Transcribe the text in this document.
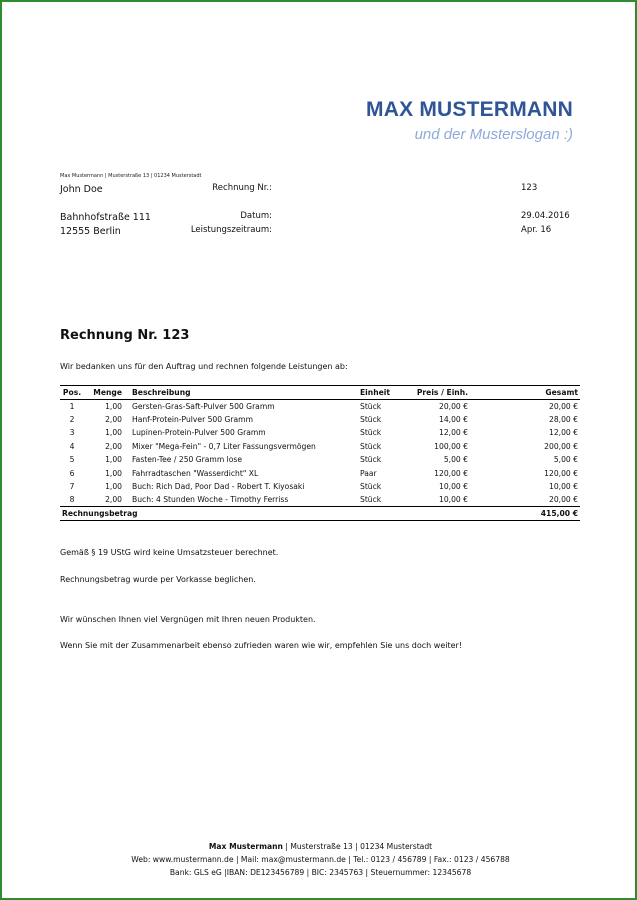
MAX MUSTERMANN
und der Musterslogan :)
Max Mustermann | Musterstraße 13 | 01234 Musterstadt
John Doe
Bahnhofstraße 111
12555 Berlin
Rechnung Nr.:	123
Datum:	29.04.2016
Leistungszeitraum:	Apr. 16
Rechnung Nr. 123
Wir bedanken uns für den Auftrag und rechnen folgende Leistungen ab:
Pos.	Menge	Beschreibung	Einheit	Preis / Einh.	Gesamt
1	1,00	Gersten-Gras-Saft-Pulver 500 Gramm	Stück	20,00 €	20,00 €
2	2,00	Hanf-Protein-Pulver 500 Gramm	Stück	14,00 €	28,00 €
3	1,00	Lupinen-Protein-Pulver 500 Gramm	Stück	12,00 €	12,00 €
4	2,00	Mixer "Mega-Fein" - 0,7 Liter Fassungsvermögen	Stück	100,00 €	200,00 €
5	1,00	Fasten-Tee / 250 Gramm lose	Stück	5,00 €	5,00 €
6	1,00	Fahrradtaschen "Wasserdicht" XL	Paar	120,00 €	120,00 €
7	1,00	Buch: Rich Dad, Poor Dad - Robert T. Kiyosaki	Stück	10,00 €	10,00 €
8	2,00	Buch: 4 Stunden Woche - Timothy Ferriss	Stück	10,00 €	20,00 €
Rechnungsbetrag					415,00 €

Gemäß § 19 UStG wird keine Umsatzsteuer berechnet.

Rechnungsbetrag wurde per Vorkasse beglichen.

Wir wünschen Ihnen viel Vergnügen mit Ihren neuen Produkten.

Wenn Sie mit der Zusammenarbeit ebenso zufrieden waren wie wir, empfehlen Sie uns doch weiter!

Max Mustermann | Musterstraße 13 | 01234 Musterstadt
Web: www.mustermann.de | Mail: max@mustermann.de | Tel.: 0123 / 456789 | Fax.: 0123 / 456788
Bank: GLS eG |IBAN: DE123456789 | BIC: 2345763 | Steuernummer: 12345678
